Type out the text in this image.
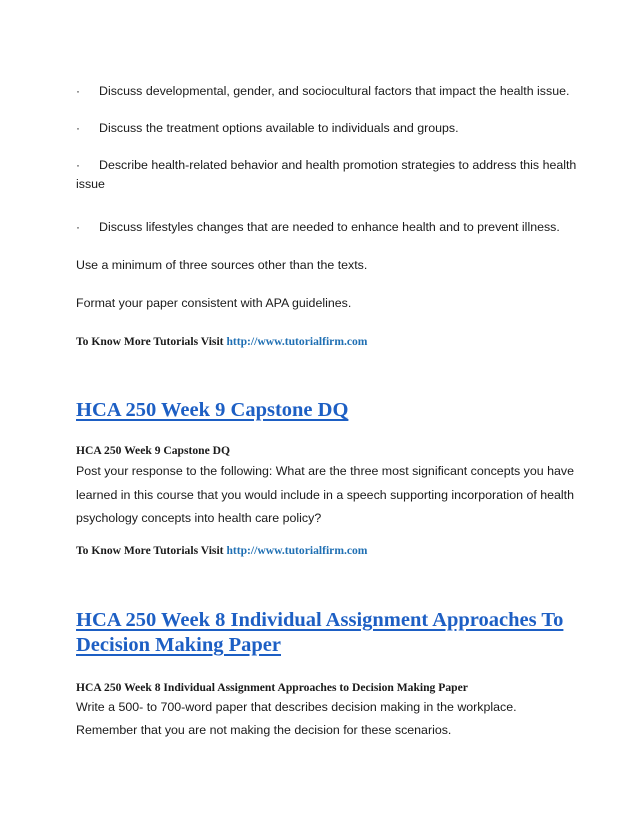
· Discuss developmental, gender, and sociocultural factors that impact the health issue.
· Discuss the treatment options available to individuals and groups.
· Describe health-related behavior and health promotion strategies to address this health
issue
· Discuss lifestyles changes that are needed to enhance health and to prevent illness.
Use a minimum of three sources other than the texts.
Format your paper consistent with APA guidelines.
To Know More Tutorials Visit http://www.tutorialfirm.com
HCA 250 Week 9 Capstone DQ
HCA 250 Week 9 Capstone DQ
Post your response to the following: What are the three most significant concepts you have
learned in this course that you would include in a speech supporting incorporation of health
psychology concepts into health care policy?
To Know More Tutorials Visit http://www.tutorialfirm.com
HCA 250 Week 8 Individual Assignment Approaches To
Decision Making Paper
HCA 250 Week 8 Individual Assignment Approaches to Decision Making Paper
Write a 500- to 700-word paper that describes decision making in the workplace.
Remember that you are not making the decision for these scenarios.
